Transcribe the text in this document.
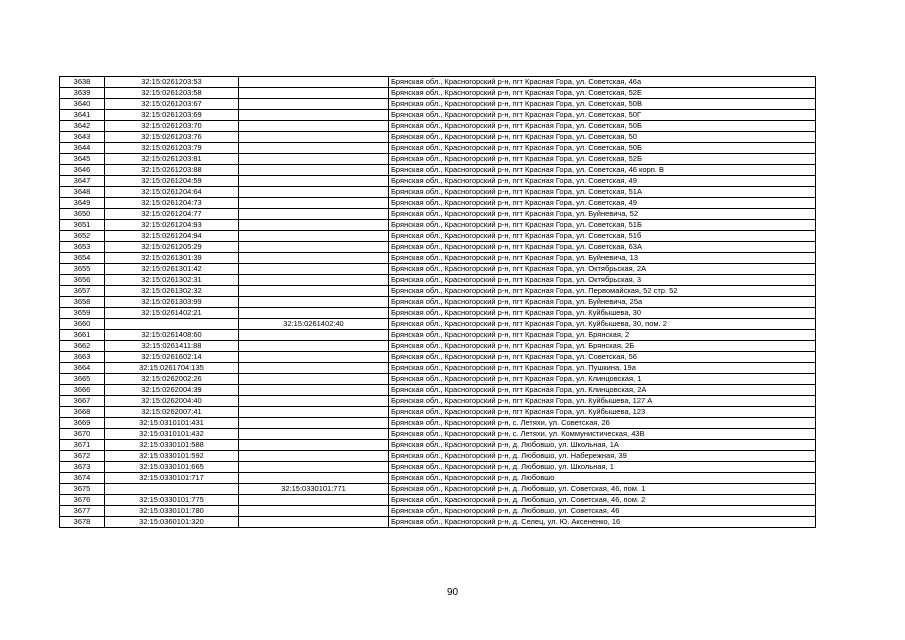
3638	32:15:0261203:53		Брянская обл., Красногорский р-н, пгт Красная Гора, ул. Советская, 46а
3639	32:15:0261203:58		Брянская обл., Красногорский р-н, пгт Красная Гора, ул. Советская, 52Е
3640	32:15:0261203:67		Брянская обл., Красногорский р-н, пгт Красная Гора, ул. Советская, 50В
3641	32:15:0261203:69		Брянская обл., Красногорский р-н, пгт Красная Гора, ул. Советская, 50Г
3642	32:15:0261203:70		Брянская обл., Красногорский р-н, пгт Красная Гора, ул. Советская, 50Б
3643	32:15:0261203:76		Брянская обл., Красногорский р-н, пгт Красная Гора, ул. Советская, 50
3644	32:15:0261203:79		Брянская обл., Красногорский р-н, пгт Красная Гора, ул. Советская, 50Б
3645	32:15:0261203:81		Брянская обл., Красногорский р-н, пгт Красная Гора, ул. Советская, 52Б
3646	32:15:0261203:88		Брянская обл., Красногорский р-н, пгт Красная Гора, ул. Советская, 46 корп. В
3647	32:15:0261204:59		Брянская обл., Красногорский р-н, пгт Красная Гора, ул. Советская, 49
3648	32:15:0261204:64		Брянская обл., Красногорский р-н, пгт Красная Гора, ул. Советская, 51А
3649	32:15:0261204:73		Брянская обл., Красногорский р-н, пгт Красная Гора, ул. Советская, 49
3650	32:15:0261204:77		Брянская обл., Красногорский р-н, пгт Красная Гора, ул. Буйневича, 52
3651	32:15:0261204:93		Брянская обл., Красногорский р-н, пгт Красная Гора, ул. Советская, 51Б
3652	32:15:0261204:94		Брянская обл., Красногорский р-н, пгт Красная Гора, ул. Советская, 51б
3653	32:15:0261205:29		Брянская обл., Красногорский р-н, пгт Красная Гора, ул. Советская, 63А
3654	32:15:0261301:39		Брянская обл., Красногорский р-н, пгт Красная Гора, ул. Буйневича, 13
3655	32:15:0261301:42		Брянская обл., Красногорский р-н, пгт Красная Гора, ул. Октябрьская, 2А
3656	32:15:0261302:31		Брянская обл., Красногорский р-н, пгт Красная Гора, ул. Октябрьская, 3
3657	32:15:0261302:32		Брянская обл., Красногорский р-н, пгт Красная Гора, ул. Первомайская, 52 стр. 52
3658	32:15:0261303:99		Брянская обл., Красногорский р-н, пгт Красная Гора, ул. Буйневича, 25а
3659	32:15:0261402:21		Брянская обл., Красногорский р-н, пгт Красная Гора, ул. Куйбышева, 30
3660		32:15:0261402:40	Брянская обл., Красногорский р-н, пгт Красная Гора, ул. Куйбышева, 30, пом. 2
3661	32:15:0261408:60		Брянская обл., Красногорский р-н, пгт Красная Гора, ул. Брянская, 2
3662	32:15:0261411:88		Брянская обл., Красногорский р-н, пгт Красная Гора, ул. Брянская, 2Б
3663	32:15:0261602:14		Брянская обл., Красногорский р-н, пгт Красная Гора, ул. Советская, 56
3664	32:15:0261704:135		Брянская обл., Красногорский р-н, пгт Красная Гора, ул. Пушкина, 19а
3665	32:15:0262002:26		Брянская обл., Красногорский р-н, пгт Красная Гора, ул. Клинцовская, 1
3666	32:15:0262004:39		Брянская обл., Красногорский р-н, пгт Красная Гора, ул. Клинцовская, 2А
3667	32:15:0262004:40		Брянская обл., Красногорский р-н, пгт Красная Гора, ул. Куйбышева, 127 А
3668	32:15:0262007:41		Брянская обл., Красногорский р-н, пгт Красная Гора, ул. Куйбышева, 123
3669	32:15:0310101:431		Брянская обл., Красногорский р-н, с. Летяхи, ул. Советская, 26
3670	32:15:0310101:432		Брянская обл., Красногорский р-н, с. Летяхи, ул. Коммунистическая, 43В
3671	32:15:0330101:588		Брянская обл., Красногорский р-н, д. Любовшо, ул. Школьная, 1А
3672	32:15:0330101:592		Брянская обл., Красногорский р-н, д. Любовшо, ул. Набережная, 39
3673	32:15:0330101:665		Брянская обл., Красногорский р-н, д. Любовшо, ул. Школьная, 1
3674	32:15:0330101:717		Брянская обл., Красногорский р-н, д. Любовшо
3675		32:15:0330101:771	Брянская обл., Красногорский р-н, д. Любовшо, ул. Советская, 46, пом. 1
3676	32:15:0330101:775		Брянская обл., Красногорский р-н, д. Любовшо, ул. Советская, 46, пом. 2
3677	32:15:0330101:780		Брянская обл., Красногорский р-н, д. Любовшо, ул. Советская, 46
3678	32:15:0360101:320		Брянская обл., Красногорский р-н, д. Селец, ул. Ю. Аксененко, 16
90
